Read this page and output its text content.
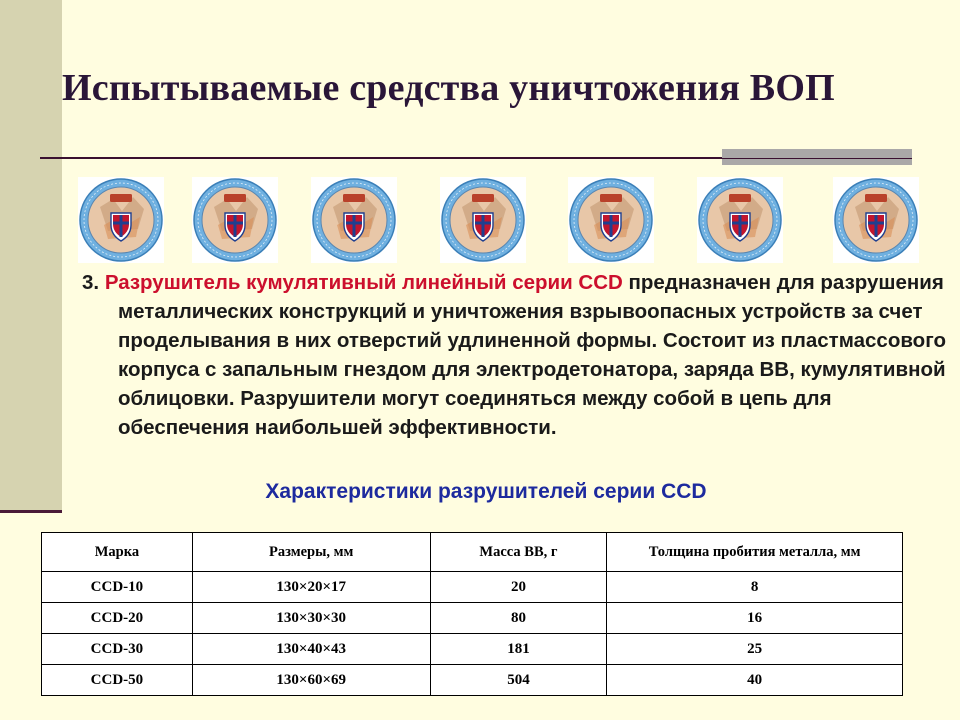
Испытываемые средства уничтожения ВОП
3. Разрушитель кумулятивный линейный серии CCD предназначен для разрушения металлических конструкций и уничтожения взрывоопасных устройств за счет проделывания в них отверстий удлиненной формы. Состоит из пластмассового корпуса с запальным гнездом для электродетонатора, заряда ВВ, кумулятивной облицовки. Разрушители могут соединяться между собой в цепь для обеспечения наибольшей эффективности.
Характеристики разрушителей серии CCD
Марка	Размеры, мм	Масса ВВ, г	Толщина пробития металла, мм
CCD-10	130×20×17	20	8
CCD-20	130×30×30	80	16
CCD-30	130×40×43	181	25
CCD-50	130×60×69	504	40
